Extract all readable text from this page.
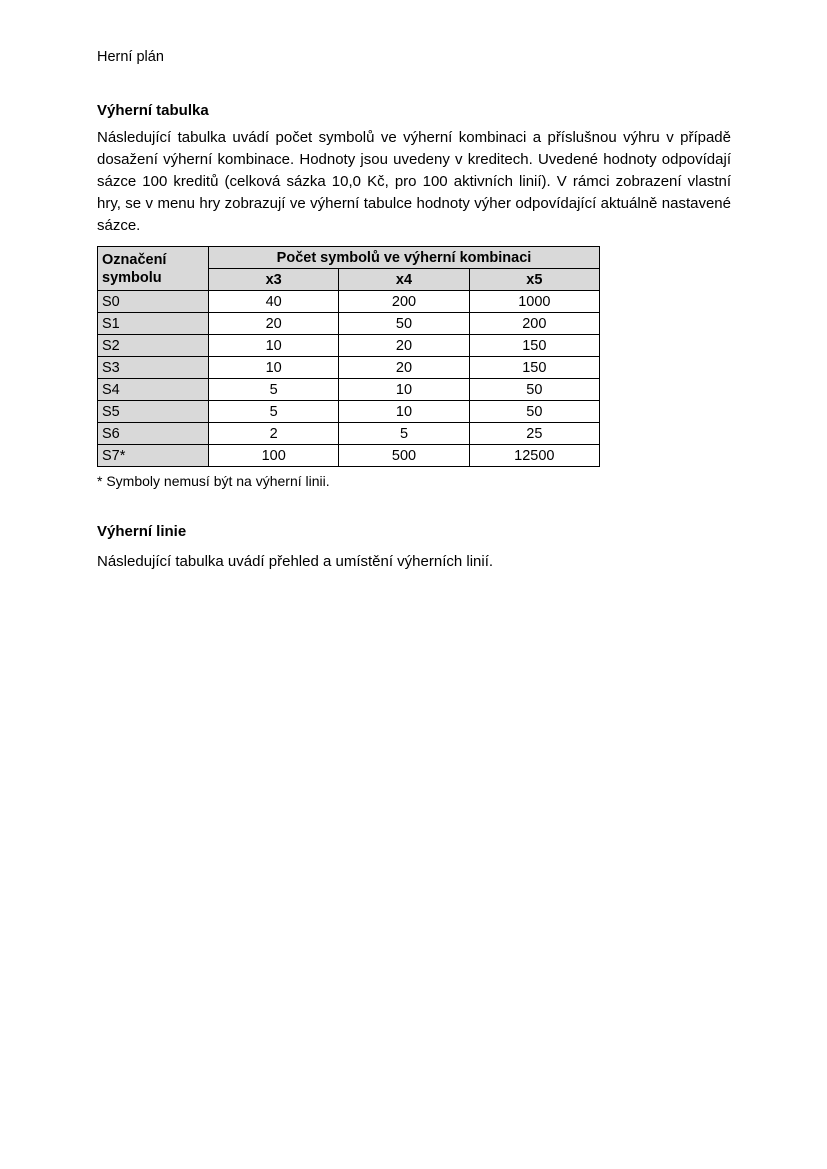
Herní plán
Výherní tabulka
Následující tabulka uvádí počet symbolů ve výherní kombinaci a příslušnou výhru v případě dosažení výherní kombinace. Hodnoty jsou uvedeny v kreditech. Uvedené hodnoty odpovídají sázce 100 kreditů (celková sázka 10,0 Kč, pro 100 aktivních linií). V rámci zobrazení vlastní hry, se v menu hry zobrazují ve výherní tabulce hodnoty výher odpovídající aktuálně nastavené sázce.
Označení symbolu	Počet symbolů ve výherní kombinaci		
	x3	x4	x5
S0	40	200	1000
S1	20	50	200
S2	10	20	150
S3	10	20	150
S4	5	10	50
S5	5	10	50
S6	2	5	25
S7*	100	500	12500
* Symboly nemusí být na výherní linii.
Výherní linie
Následující tabulka uvádí přehled a umístění výherních linií.
